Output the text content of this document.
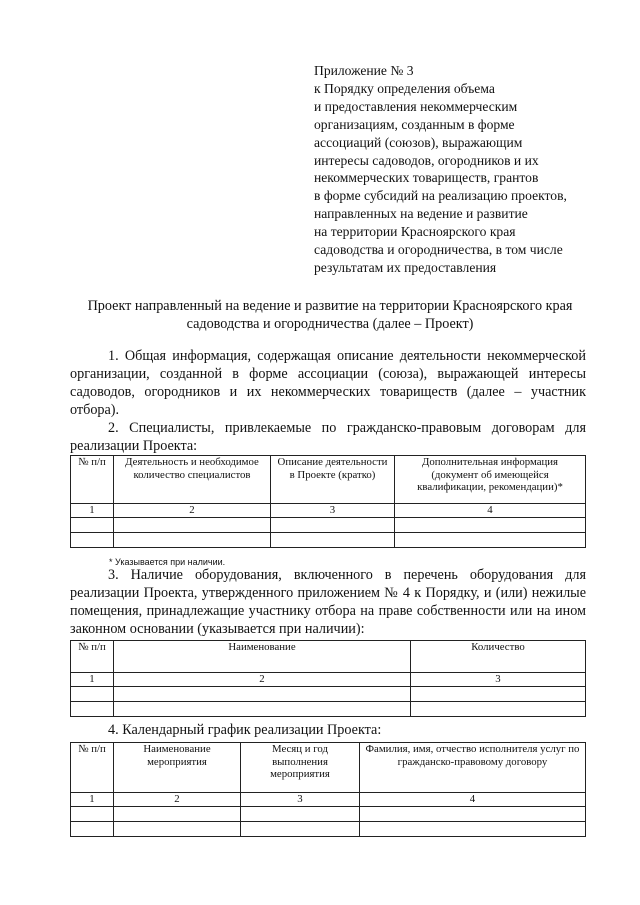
Приложение № 3
к Порядку определения объема
и предоставления некоммерческим
организациям, созданным в форме
ассоциаций (союзов), выражающим
интересы садоводов, огородников и их
некоммерческих товариществ, грантов
в форме субсидий на реализацию проектов,
направленных на ведение и развитие
на территории Красноярского края
садоводства и огородничества, в том числе
результатам их предоставления
Проект направленный на ведение и развитие на территории Красноярского края
садоводства и огородничества (далее – Проект)
1. Общая информация, содержащая описание деятельности некоммерческой организации, созданной в форме ассоциации (союза), выражающей интересы садоводов, огородников и их некоммерческих товариществ (далее – участник отбора).
2. Специалисты, привлекаемые по гражданско-правовым договорам для реализации Проекта:
№ п/п	Деятельность и необходимое количество специалистов	Описание деятельности в Проекте (кратко)	Дополнительная информация (документ об имеющейся квалификации, рекомендации)*
1	2	3	4

* Указывается при наличии.
3. Наличие оборудования, включенного в перечень оборудования для реализации Проекта, утвержденного приложением № 4 к Порядку, и (или) нежилые помещения, принадлежащие участнику отбора на праве собственности или на ином законном основании (указывается при наличии):
№ п/п	Наименование	Количество
1	2	3

4. Календарный график реализации Проекта:
№ п/п	Наименование мероприятия	Месяц и год выполнения мероприятия	Фамилия, имя, отчество исполнителя услуг по гражданско-правовому договору
1	2	3	4
